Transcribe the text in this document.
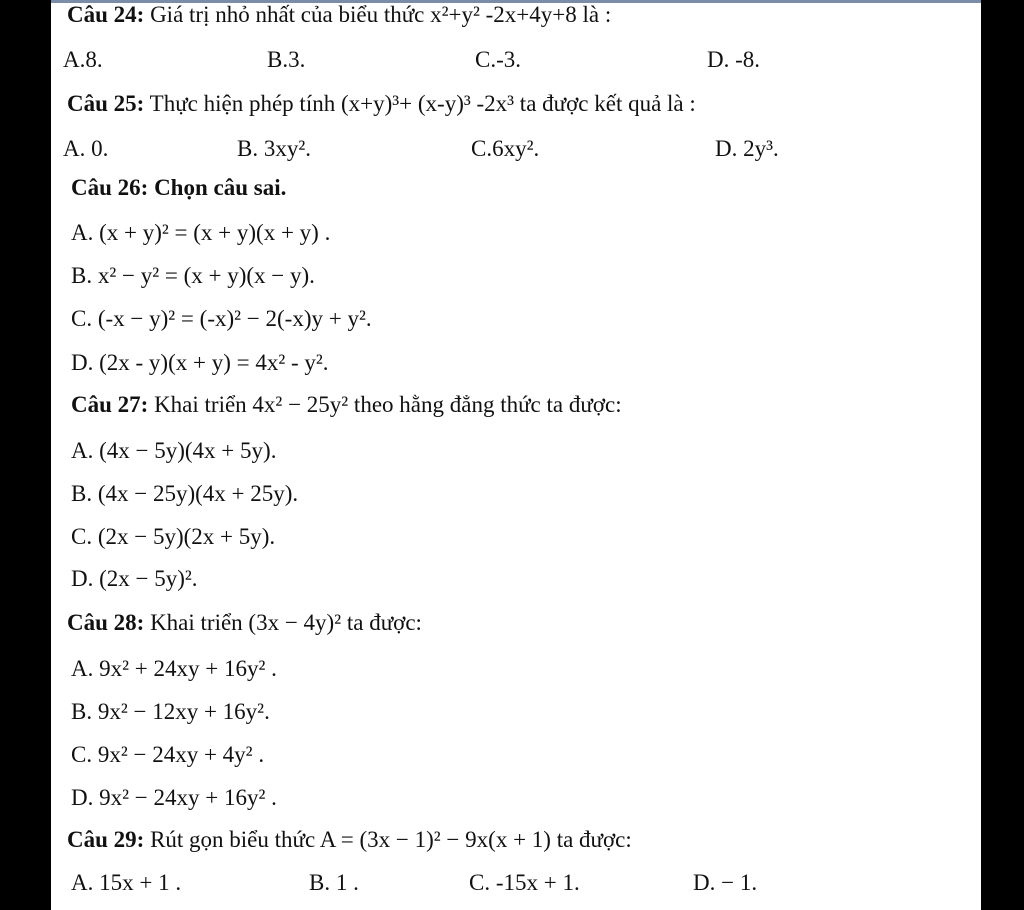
Câu 24: Giá trị nhỏ nhất của biểu thức x²+y² -2x+4y+8 là :
A.8.	B.3.	C.-3.	D. -8.
Câu 25: Thực hiện phép tính (x+y)³+ (x-y)³ -2x³ ta được kết quả là :
A. 0.	B. 3xy².	C.6xy².	D. 2y³.
Câu 26: Chọn câu sai.
A. (x + y)² = (x + y)(x + y) .
B. x² − y² = (x + y)(x − y).
C. (-x − y)² = (-x)² − 2(-x)y + y².
D. (2x - y)(x + y) = 4x² - y².
Câu 27: Khai triển 4x² − 25y² theo hằng đẳng thức ta được:
A. (4x − 5y)(4x + 5y).
B. (4x − 25y)(4x + 25y).
C. (2x − 5y)(2x + 5y).
D. (2x − 5y)².
Câu 28: Khai triển (3x − 4y)² ta được:
A. 9x² + 24xy + 16y² .
B. 9x² − 12xy + 16y².
C. 9x² − 24xy + 4y² .
D. 9x² − 24xy + 16y² .
Câu 29: Rút gọn biểu thức A = (3x − 1)² − 9x(x + 1) ta được:
A. 15x + 1 .	B. 1 .	C. -15x + 1.	D. − 1.
